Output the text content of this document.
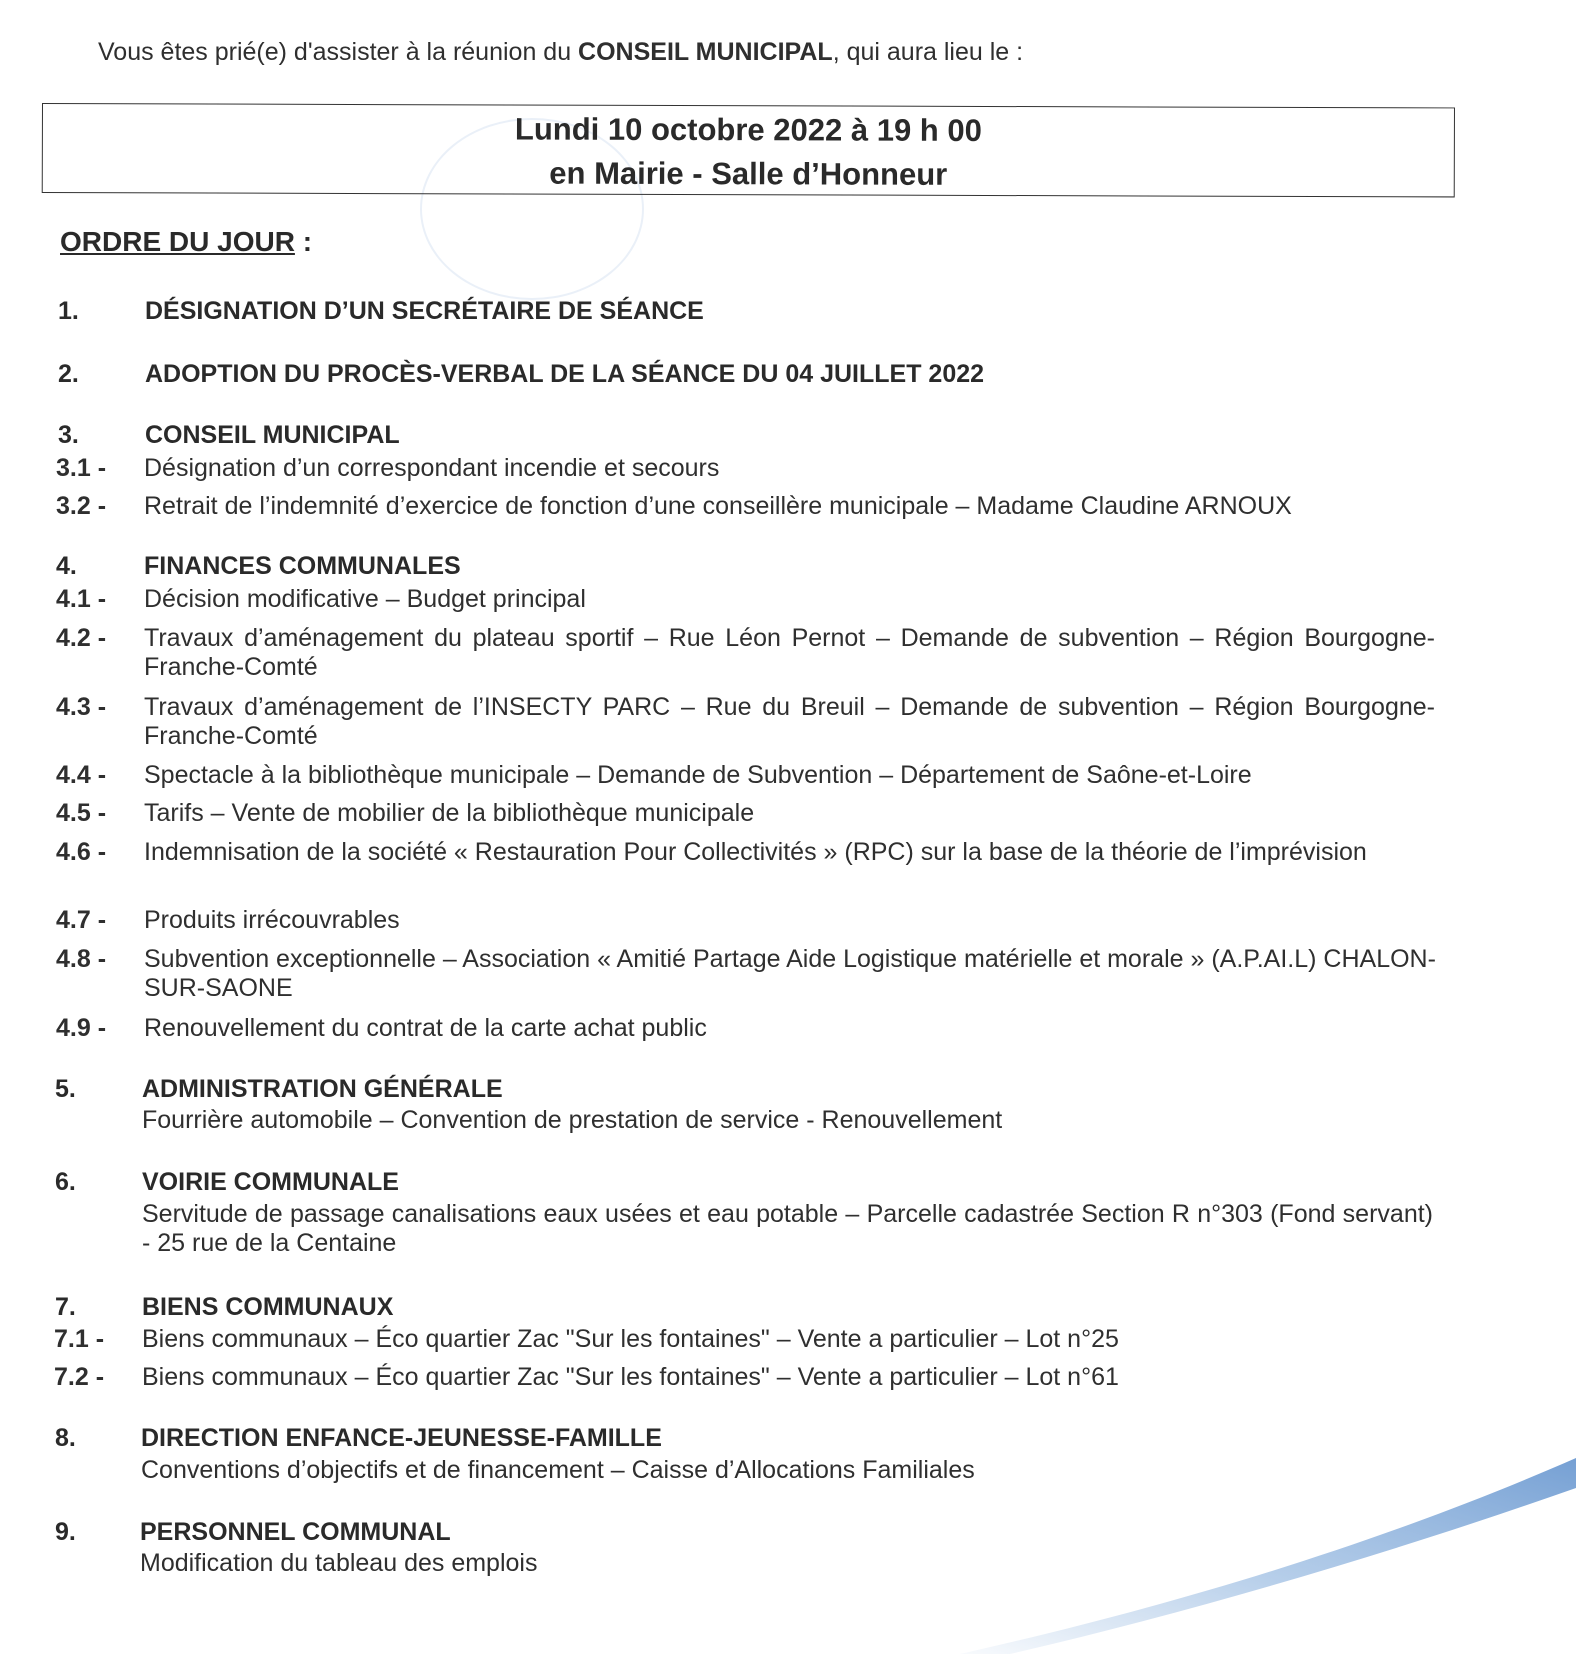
Vous êtes prié(e) d'assister à la réunion du CONSEIL MUNICIPAL, qui aura lieu le :
Lundi 10 octobre 2022 à 19 h 00
en Mairie - Salle d’Honneur
ORDRE DU JOUR :
1.	DÉSIGNATION D’UN SECRÉTAIRE DE SÉANCE
2.	ADOPTION DU PROCÈS-VERBAL DE LA SÉANCE DU 04 JUILLET 2022
3.	CONSEIL MUNICIPAL
3.1 - Désignation d’un correspondant incendie et secours
3.2 - Retrait de l’indemnité d’exercice de fonction d’une conseillère municipale – Madame Claudine ARNOUX
4.	FINANCES COMMUNALES
4.1 - Décision modificative – Budget principal
4.2 - Travaux d’aménagement du plateau sportif – Rue Léon Pernot – Demande de subvention – Région Bourgogne-Franche-Comté
4.3 - Travaux d’aménagement de l’INSECTY PARC – Rue du Breuil – Demande de subvention – Région Bourgogne-Franche-Comté
4.4 - Spectacle à la bibliothèque municipale – Demande de Subvention – Département de Saône-et-Loire
4.5 - Tarifs – Vente de mobilier de la bibliothèque municipale
4.6 - Indemnisation de la société « Restauration Pour Collectivités » (RPC) sur la base de la théorie de l’imprévision
4.7 - Produits irrécouvrables
4.8 - Subvention exceptionnelle – Association « Amitié Partage Aide Logistique matérielle et morale » (A.P.AI.L) CHALON-SUR-SAONE
4.9 - Renouvellement du contrat de la carte achat public
5.	ADMINISTRATION GÉNÉRALE
Fourrière automobile – Convention de prestation de service - Renouvellement
6.	VOIRIE COMMUNALE
Servitude de passage canalisations eaux usées et eau potable – Parcelle cadastrée Section R n°303 (Fond servant) - 25 rue de la Centaine
7.	BIENS COMMUNAUX
7.1 - Biens communaux – Éco quartier Zac "Sur les fontaines" – Vente a particulier – Lot n°25
7.2 - Biens communaux – Éco quartier Zac "Sur les fontaines" – Vente a particulier – Lot n°61
8.	DIRECTION ENFANCE-JEUNESSE-FAMILLE
Conventions d’objectifs et de financement – Caisse d’Allocations Familiales
9.	PERSONNEL COMMUNAL
Modification du tableau des emplois
